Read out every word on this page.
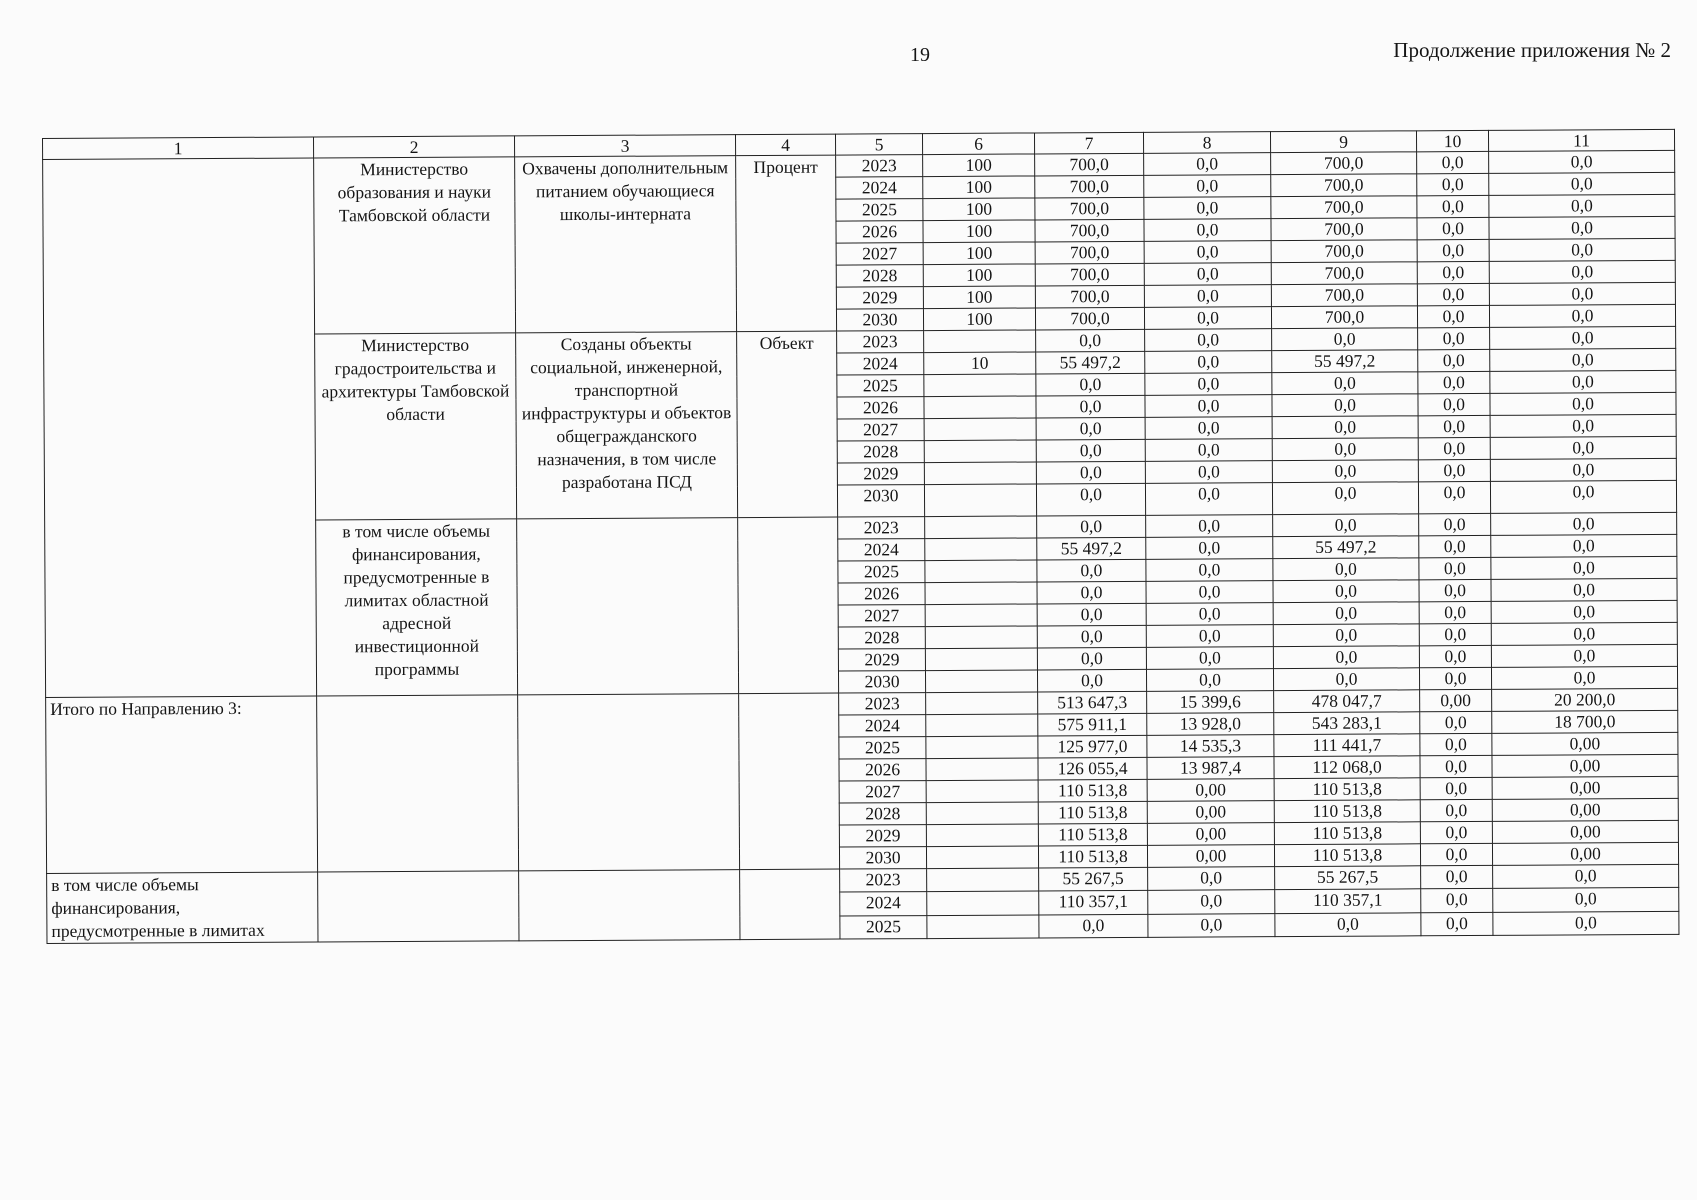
19	Продолжение приложения № 2
1	2	3	4	5	6	7	8	9	10	11
	Министерство образования и науки Тамбовской области	Охвачены дополнительным питанием обучающиеся школы-интерната	Процент	2023	100	700,0	0,0	700,0	0,0	0,0
				2024	100	700,0	0,0	700,0	0,0	0,0
				2025	100	700,0	0,0	700,0	0,0	0,0
				2026	100	700,0	0,0	700,0	0,0	0,0
				2027	100	700,0	0,0	700,0	0,0	0,0
				2028	100	700,0	0,0	700,0	0,0	0,0
				2029	100	700,0	0,0	700,0	0,0	0,0
				2030	100	700,0	0,0	700,0	0,0	0,0
	Министерство градостроительства и архитектуры Тамбовской области	Созданы объекты социальной, инженерной, транспортной инфраструктуры и объектов общегражданского назначения, в том числе разработана ПСД	Объект	2023		0,0	0,0	0,0	0,0	0,0
				2024	10	55 497,2	0,0	55 497,2	0,0	0,0
				2025		0,0	0,0	0,0	0,0	0,0
				2026		0,0	0,0	0,0	0,0	0,0
				2027		0,0	0,0	0,0	0,0	0,0
				2028		0,0	0,0	0,0	0,0	0,0
				2029		0,0	0,0	0,0	0,0	0,0
				2030		0,0	0,0	0,0	0,0	0,0
	в том числе объемы финансирования, предусмотренные в лимитах областной адресной инвестиционной программы			2023		0,0	0,0	0,0	0,0	0,0
				2024		55 497,2	0,0	55 497,2	0,0	0,0
				2025		0,0	0,0	0,0	0,0	0,0
				2026		0,0	0,0	0,0	0,0	0,0
				2027		0,0	0,0	0,0	0,0	0,0
				2028		0,0	0,0	0,0	0,0	0,0
				2029		0,0	0,0	0,0	0,0	0,0
				2030		0,0	0,0	0,0	0,0	0,0
Итого по Направлению 3:				2023		513 647,3	15 399,6	478 047,7	0,00	20 200,0
				2024		575 911,1	13 928,0	543 283,1	0,0	18 700,0
				2025		125 977,0	14 535,3	111 441,7	0,0	0,00
				2026		126 055,4	13 987,4	112 068,0	0,0	0,00
				2027		110 513,8	0,00	110 513,8	0,0	0,00
				2028		110 513,8	0,00	110 513,8	0,0	0,00
				2029		110 513,8	0,00	110 513,8	0,0	0,00
				2030		110 513,8	0,00	110 513,8	0,0	0,00
в том числе объемы финансирования, предусмотренные в лимитах				2023		55 267,5	0,0	55 267,5	0,0	0,0
				2024		110 357,1	0,0	110 357,1	0,0	0,0
				2025		0,0	0,0	0,0	0,0	0,0
